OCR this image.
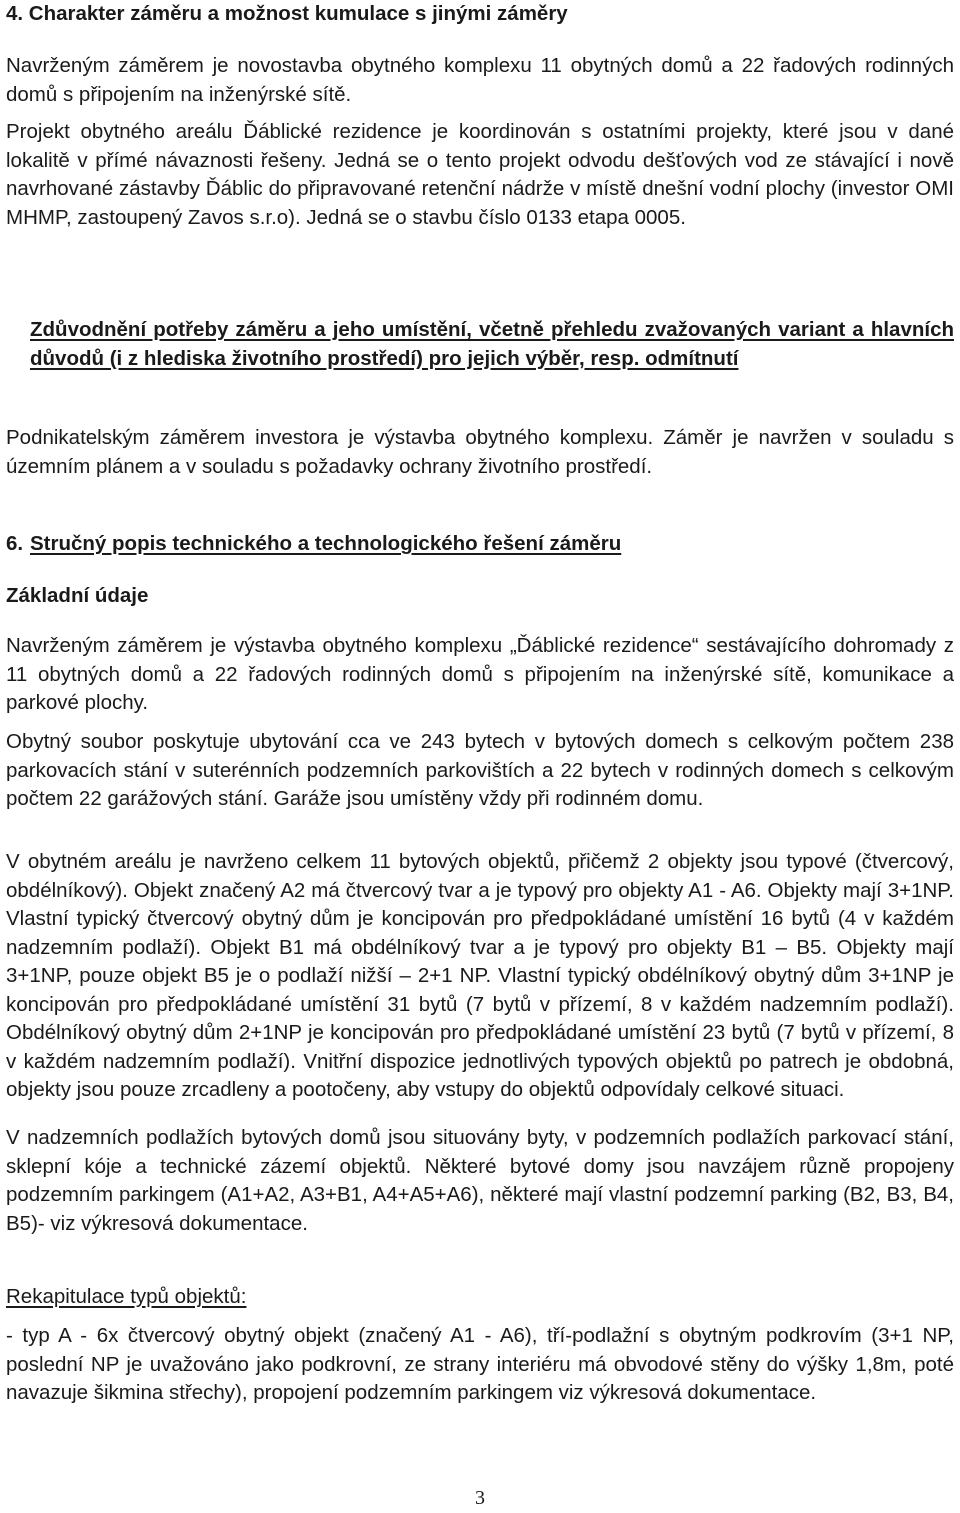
4. Charakter záměru a možnost kumulace s jinými záměry

Navrženým záměrem je novostavba obytného komplexu 11 obytných domů a 22 řadových rodinných domů s připojením na inženýrské sítě.

Projekt obytného areálu Ďáblické rezidence je koordinován s ostatními projekty, které jsou v dané lokalitě v přímé návaznosti řešeny. Jedná se o tento projekt odvodu dešťových vod ze stávající i nově navrhované zástavby Ďáblic do připravované retenční nádrže v místě dnešní vodní plochy (investor OMI MHMP, zastoupený Zavos s.r.o). Jedná se o stavbu číslo 0133 etapa 0005.

Zdůvodnění potřeby záměru a jeho umístění, včetně přehledu zvažovaných variant a hlavních důvodů (i z hlediska životního prostředí) pro jejich výběr, resp. odmítnutí

Podnikatelským záměrem investora je výstavba obytného komplexu. Záměr je navržen v souladu s územním plánem a v souladu s požadavky ochrany životního prostředí.

6. Stručný popis technického a technologického řešení záměru

Základní údaje

Navrženým záměrem je výstavba obytného komplexu „Ďáblické rezidence“ sestávajícího dohromady z 11 obytných domů a 22 řadových rodinných domů s připojením na inženýrské sítě, komunikace a parkové plochy.

Obytný soubor poskytuje ubytování cca ve 243 bytech v bytových domech s celkovým počtem 238 parkovacích stání v suterénních podzemních parkovištích a 22 bytech v rodinných domech s celkovým počtem 22 garážových stání. Garáže jsou umístěny vždy při rodinném domu.

V obytném areálu je navrženo celkem 11 bytových objektů, přičemž 2 objekty jsou typové (čtvercový, obdélníkový). Objekt značený A2 má čtvercový tvar a je typový pro objekty A1 - A6. Objekty mají 3+1NP. Vlastní typický čtvercový obytný dům je koncipován pro předpokládané umístění 16 bytů (4 v každém nadzemním podlaží). Objekt B1 má obdélníkový tvar a je typový pro objekty B1 – B5. Objekty mají 3+1NP, pouze objekt B5 je o podlaží nižší – 2+1 NP. Vlastní typický obdélníkový obytný dům 3+1NP je koncipován pro předpokládané umístění 31 bytů (7 bytů v přízemí, 8 v každém nadzemním podlaží). Obdélníkový obytný dům 2+1NP je koncipován pro předpokládané umístění 23 bytů (7 bytů v přízemí, 8 v každém nadzemním podlaží). Vnitřní dispozice jednotlivých typových objektů po patrech je obdobná, objekty jsou pouze zrcadleny a pootočeny, aby vstupy do objektů odpovídaly celkové situaci.

V nadzemních podlažích bytových domů jsou situovány byty, v podzemních podlažích parkovací stání, sklepní kóje a technické zázemí objektů. Některé bytové domy jsou navzájem různě propojeny podzemním parkingem (A1+A2, A3+B1, A4+A5+A6), některé mají vlastní podzemní parking (B2, B3, B4, B5)- viz výkresová dokumentace.

Rekapitulace typů objektů:

- typ A - 6x čtvercový obytný objekt (značený A1 - A6), tří-podlažní s obytným podkrovím (3+1 NP, poslední NP je uvažováno jako podkrovní, ze strany interiéru má obvodové stěny do výšky 1,8m, poté navazuje šikmina střechy), propojení podzemním parkingem viz výkresová dokumentace.

3
